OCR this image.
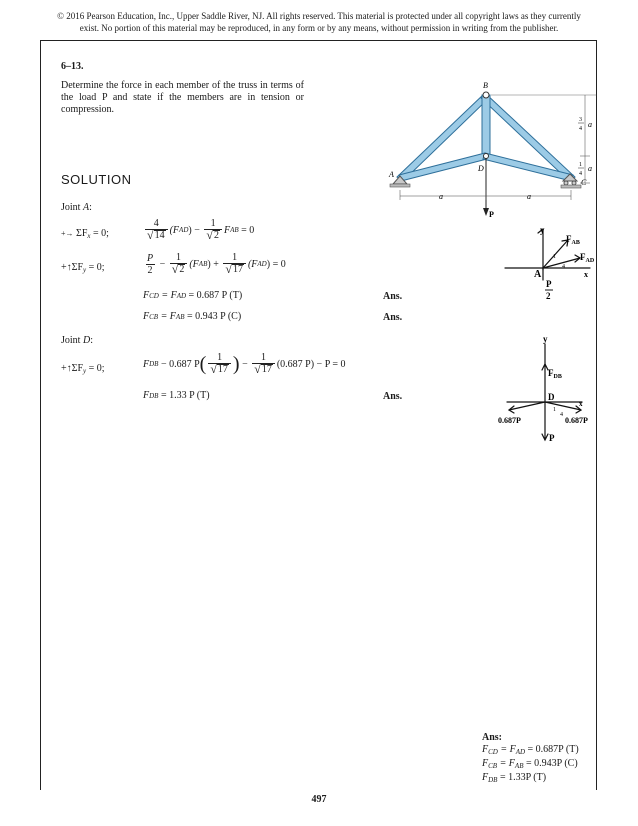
© 2016 Pearson Education, Inc., Upper Saddle River, NJ. All rights reserved. This material is protected under all copyright laws as they currently
exist. No portion of this material may be reproduced, in any form or by any means, without permission in writing from the publisher.
6–13.
Determine the force in each member of the truss in terms of the load P and state if the members are in tension or compression.
P
B
D
A
C
a	a
3
4 a
1
4
a
SOLUTION
Joint A:
+→ $\Sigma F_x = 0$;	$\frac{4}{√ 14} (F$ AD ) − $\frac{1}{√ 2}$ F AB = 0
$+↑\Sigma F_y = 0$;	$\frac{P}{2} - \frac{1}{√ 2} (F$ AB ) + $\frac{1}{√ 17} (F$ AD ) = 0
F CD = F AD = 0.687 P (T)	Ans.
F CB = F AB = 0.943 P (C)	Ans.
Joint D:
$+↑\Sigma F_y = 0$;	F DB − 0.687 P ( $\frac{1}{√ 17}$ ) − $\frac{1}{√ 17} (0.687$ P) − P = 0
F DB = 1.33 P (T)	Ans.
y
x
A
$F_{AB}$
$F_{AD}$
1
4
P
2
y
x
D
$F_{DB}$
0.687P	0.687P
1
4
P
Ans:
$F_{CD} = F_{AD} = 0.687P$ (T)
$F_{CB} = F_{AB} = 0.943P$ (C)
$F_{DB} = 1.33P$ (T)
497
